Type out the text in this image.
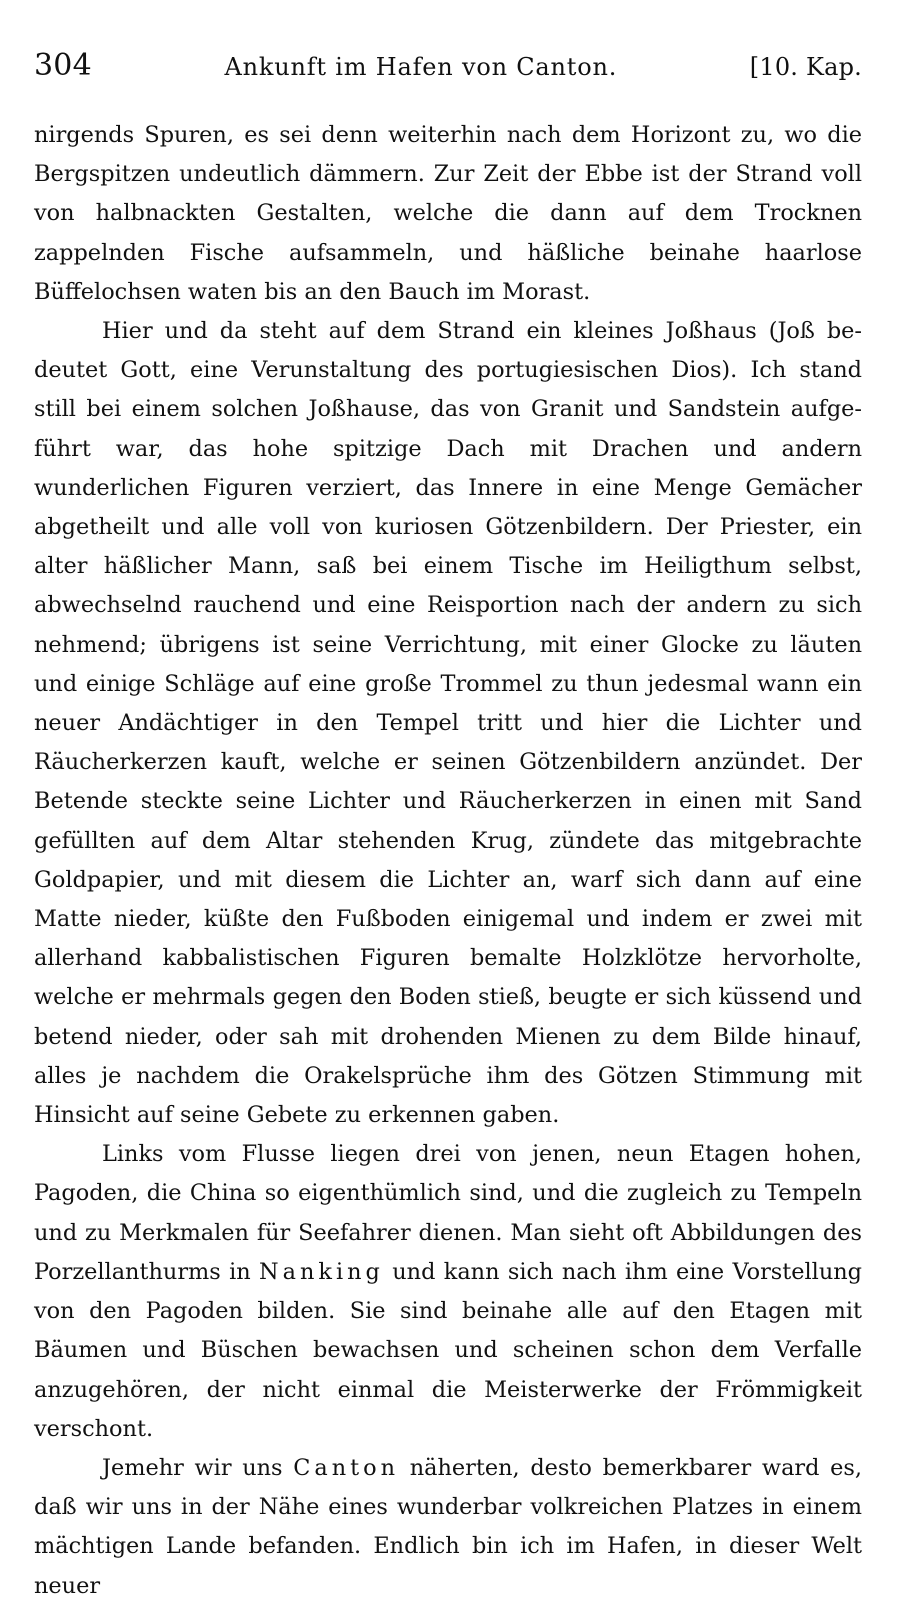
304	Ankunft im Hafen von Canton.	[10. Kap.

nirgends Spuren, es sei denn weiterhin nach dem Horizont zu, wo die Bergspitzen undeutlich dämmern. Zur Zeit der Ebbe ist der Strand voll von halbnackten Gestalten, welche die dann auf dem Trocknen zappelnden Fische aufsammeln, und häßliche beinahe haarlose Büffelochsen waten bis an den Bauch im Morast.

Hier und da steht auf dem Strand ein kleines Joßhaus (Joß bedeutet Gott, eine Verunstaltung des portugiesischen Dios). Ich stand still bei einem solchen Joßhause, das von Granit und Sandstein aufgeführt war, das hohe spitzige Dach mit Drachen und andern wunderlichen Figuren verziert, das Innere in eine Menge Gemächer abgetheilt und alle voll von kuriosen Götzenbildern. Der Priester, ein alter häßlicher Mann, saß bei einem Tische im Heiligthum selbst, abwechselnd rauchend und eine Reisportion nach der andern zu sich nehmend; übrigens ist seine Verrichtung, mit einer Glocke zu läuten und einige Schläge auf eine große Trommel zu thun jedesmal wann ein neuer Andächtiger in den Tempel tritt und hier die Lichter und Räucherkerzen kauft, welche er seinen Götzenbildern anzündet. Der Betende steckte seine Lichter und Räucherkerzen in einen mit Sand gefüllten auf dem Altar stehenden Krug, zündete das mitgebrachte Goldpapier, und mit diesem die Lichter an, warf sich dann auf eine Matte nieder, küßte den Fußboden einigemal und indem er zwei mit allerhand kabbalistischen Figuren bemalte Holzklötze hervorholte, welche er mehrmals gegen den Boden stieß, beugte er sich küssend und betend nieder, oder sah mit drohenden Mienen zu dem Bilde hinauf, alles je nachdem die Orakelsprüche ihm des Götzen Stimmung mit Hinsicht auf seine Gebete zu erkennen gaben.

Links vom Flusse liegen drei von jenen, neun Etagen hohen, Pagoden, die China so eigenthümlich sind, und die zugleich zu Tempeln und zu Merkmalen für Seefahrer dienen. Man sieht oft Abbildungen des Porzellanthurms in Nanking und kann sich nach ihm eine Vorstellung von den Pagoden bilden. Sie sind beinahe alle auf den Etagen mit Bäumen und Büschen bewachsen und scheinen schon dem Verfalle anzugehören, der nicht einmal die Meisterwerke der Frömmigkeit verschont.

Jemehr wir uns Canton näherten, desto bemerkbarer ward es, daß wir uns in der Nähe eines wunderbar volkreichen Platzes in einem mächtigen Lande befanden. Endlich bin ich im Hafen, in dieser Welt neuer
